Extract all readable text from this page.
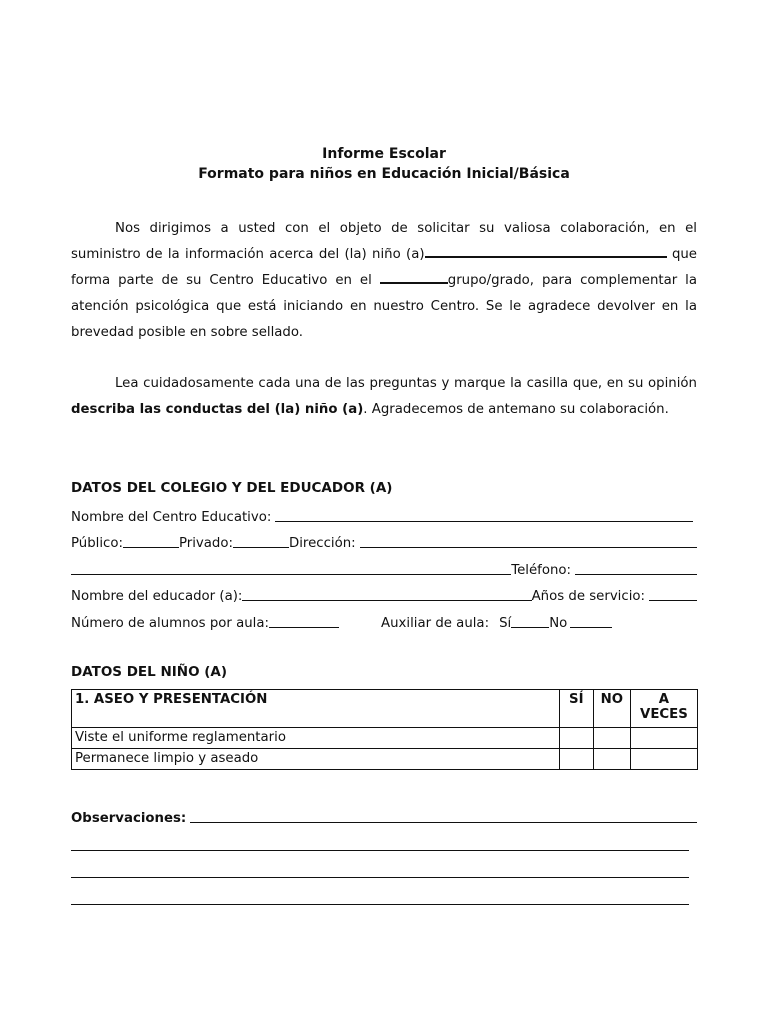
Informe Escolar
Formato para niños en Educación Inicial/Básica

Nos dirigimos a usted con el objeto de solicitar su valiosa colaboración, en el suministro de la información acerca del (la) niño (a)	que forma parte de su Centro Educativo en el	grupo/grado, para complementar la atención psicológica que está iniciando en nuestro Centro. Se le agradece devolver en la brevedad posible en sobre sellado.

Lea cuidadosamente cada una de las preguntas y marque la casilla que, en su opinión describa las conductas del (la) niño (a). Agradecemos de antemano su colaboración.

DATOS DEL COLEGIO Y DEL EDUCADOR (A)
Nombre del Centro Educativo:
Público:	Privado:	Dirección:
Teléfono:
Nombre del educador (a):	Años de servicio:
Número de alumnos por aula:	Auxiliar de aula: Sí	No
DATOS DEL NIÑO (A)
1. ASEO Y PRESENTACIÓN	SÍ	NO	A VECES
Viste el uniforme reglamentario			
Permanece limpio y aseado			
Observaciones:
